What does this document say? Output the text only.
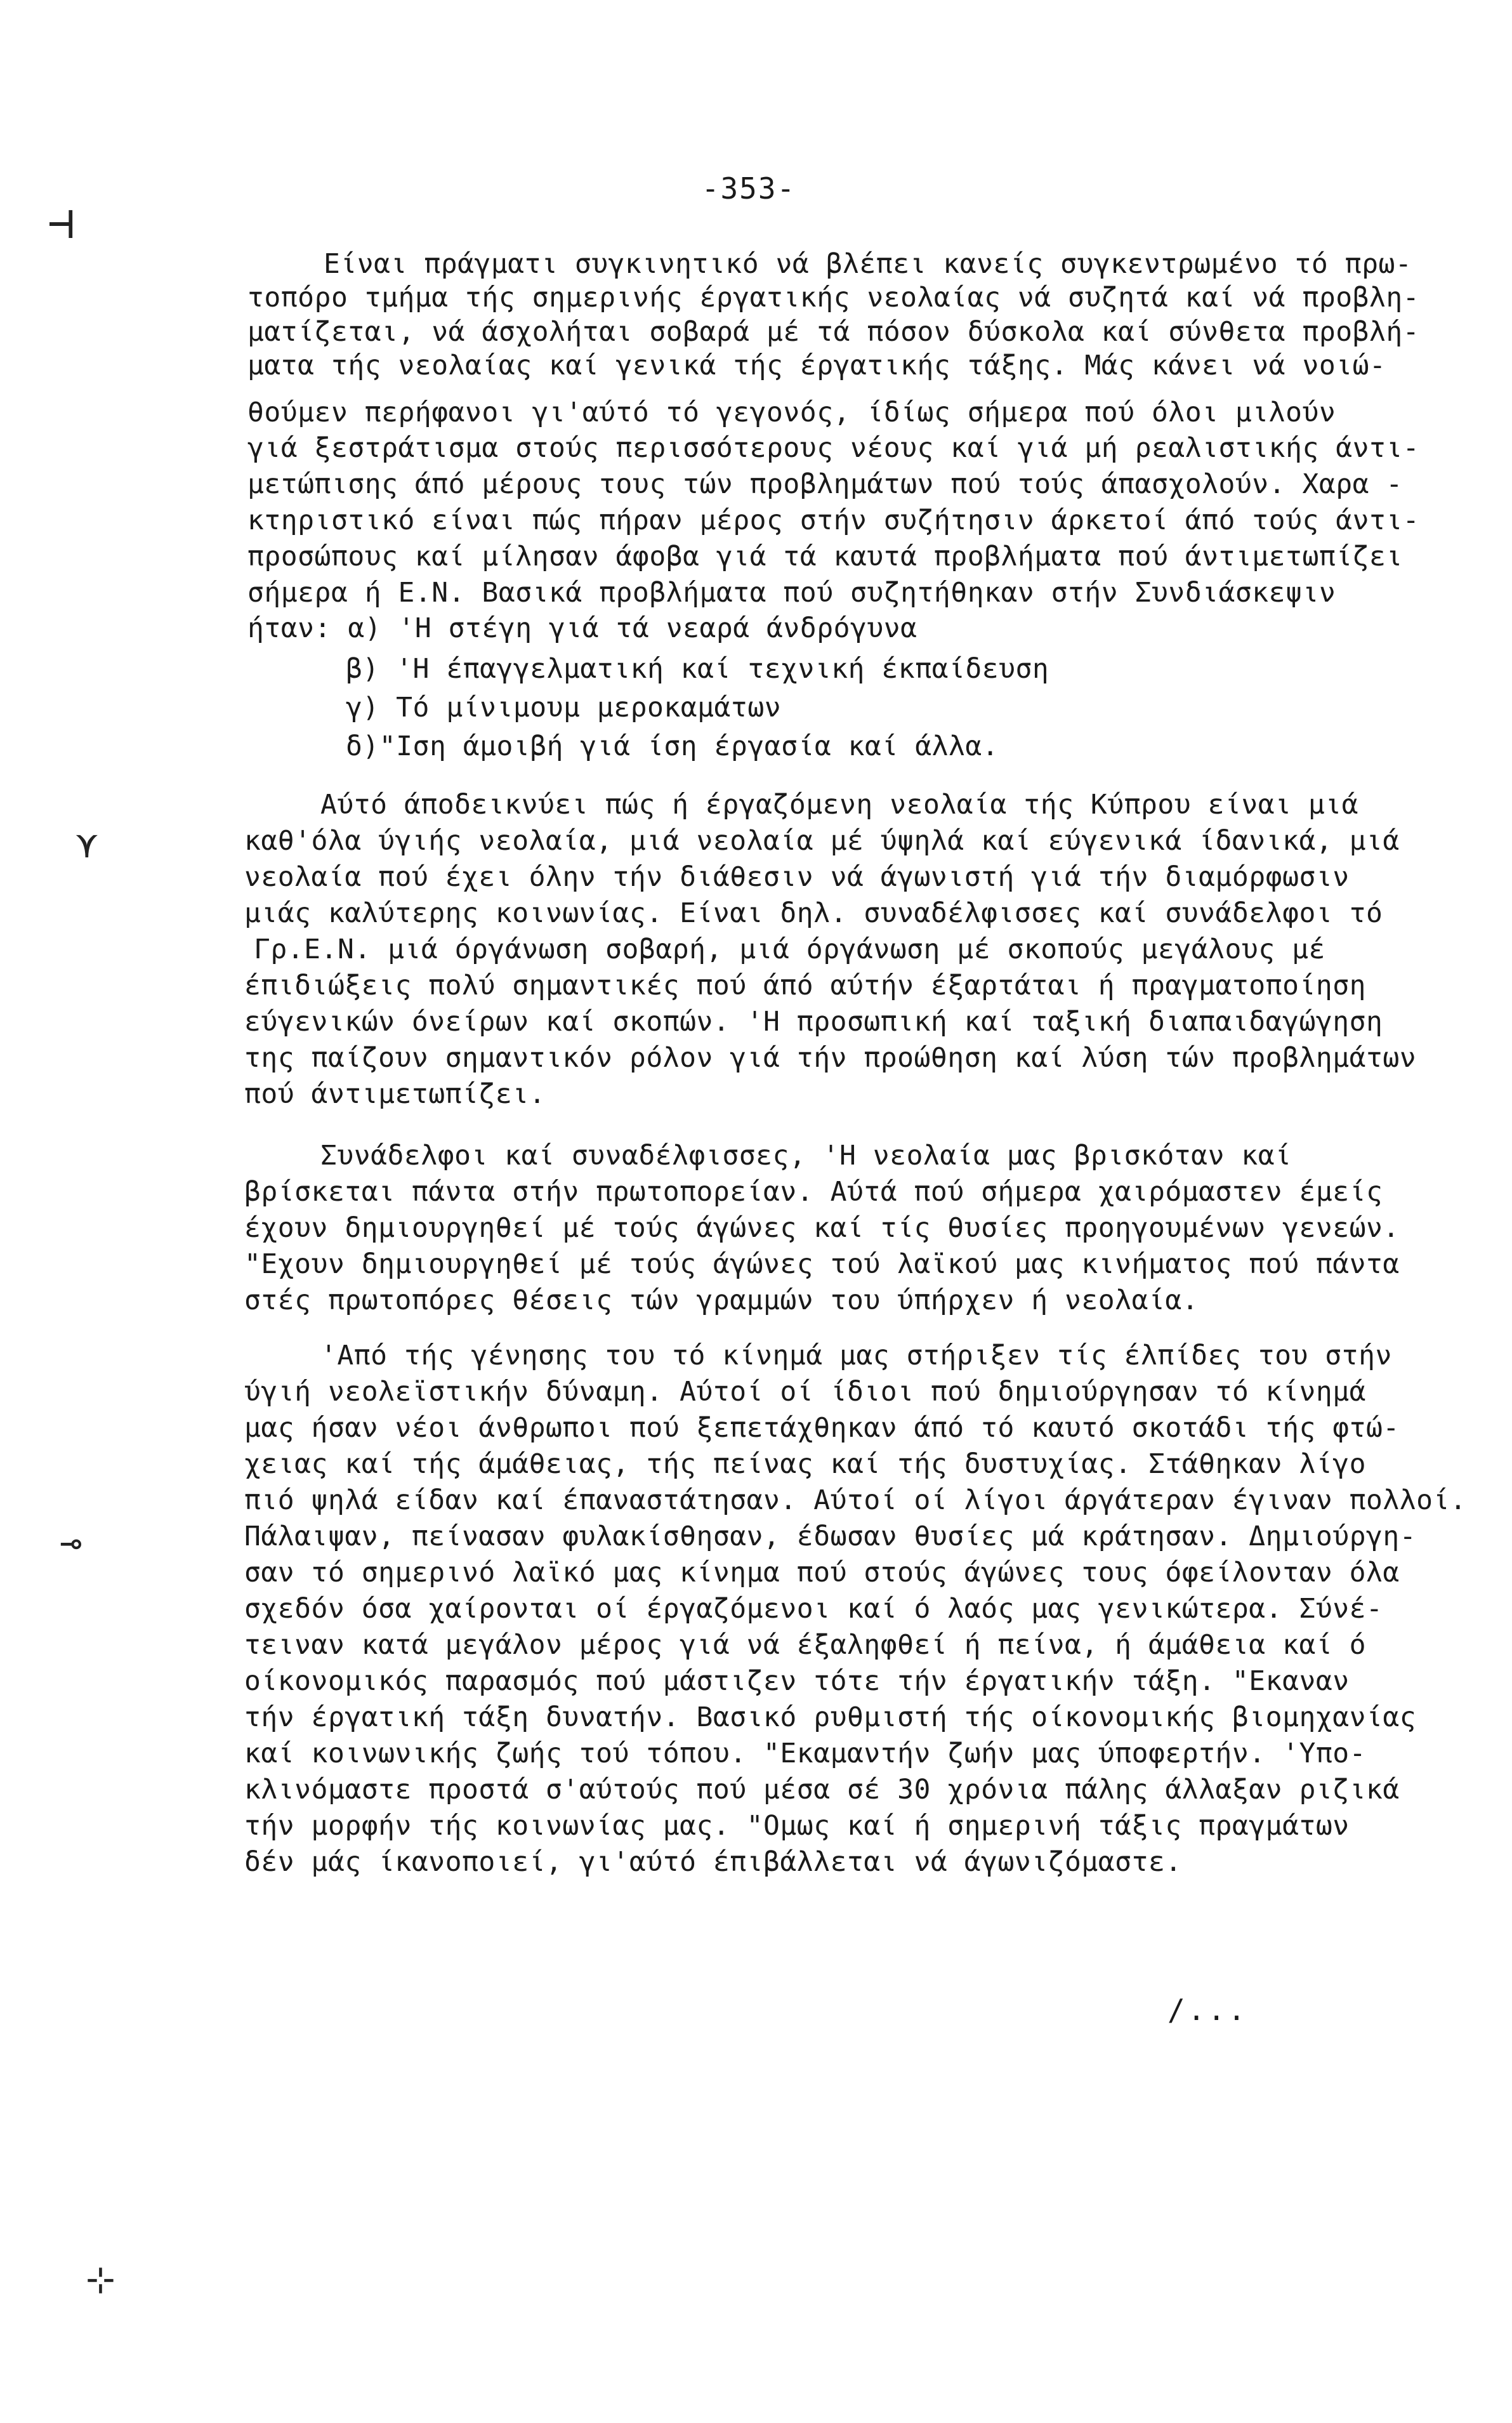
-353-
⊣
⋎
⊸
⊹
Είναι πράγματι συγκινητικό νά βλέπει κανείς συγκεντρωμένο τό πρω-
τοπόρο τμήμα τής σημερινής έργατικής νεολαίας νά συζητά καί νά προβλη-
ματίζεται, νά άσχολήται σοβαρά μέ τά πόσον δύσκολα καί σύνθετα προβλή-
ματα τής νεολαίας καί γενικά τής έργατικής τάξης. Μάς κάνει νά νοιώ-
θούμεν περήφανοι γι'αύτό τό γεγονός, ίδίως σήμερα πού όλοι μιλούν
γιά ξεστράτισμα στούς περισσότερους νέους καί γιά μή ρεαλιστικής άντι-
μετώπισης άπό μέρους τους τών προβλημάτων πού τούς άπασχολούν. Χαρα -
κτηριστικό είναι πώς πήραν μέρος στήν συζήτησιν άρκετοί άπό τούς άντι-
προσώπους καί μίλησαν άφοβα γιά τά καυτά προβλήματα πού άντιμετωπίζει
σήμερα ή Ε.Ν. Βασικά προβλήματα πού συζητήθηκαν στήν Συνδιάσκεψιν
ήταν: α) 'Η στέγη γιά τά νεαρά άνδρόγυνα
β) 'Η έπαγγελματική καί τεχνική έκπαίδευση
γ) Τό μίνιμουμ μεροκαμάτων
δ)"Ιση άμοιβή γιά ίση έργασία καί άλλα.
Αύτό άποδεικνύει πώς ή έργαζόμενη νεολαία τής Κύπρου είναι μιά
καθ'όλα ύγιής νεολαία, μιά νεολαία μέ ύψηλά καί εύγενικά ίδανικά, μιά
νεολαία πού έχει όλην τήν διάθεσιν νά άγωνιστή γιά τήν διαμόρφωσιν
μιάς καλύτερης κοινωνίας. Είναι δηλ. συναδέλφισσες καί συνάδελφοι τό
Γρ.Ε.Ν. μιά όργάνωση σοβαρή, μιά όργάνωση μέ σκοπούς μεγάλους μέ
έπιδιώξεις πολύ σημαντικές πού άπό αύτήν έξαρτάται ή πραγματοποίηση
εύγενικών όνείρων καί σκοπών. 'Η προσωπική καί ταξική διαπαιδαγώγηση
της παίζουν σημαντικόν ρόλον γιά τήν προώθηση καί λύση τών προβλημάτων
πού άντιμετωπίζει.
Συνάδελφοι καί συναδέλφισσες, 'Η νεολαία μας βρισκόταν καί
βρίσκεται πάντα στήν πρωτοπορείαν. Αύτά πού σήμερα χαιρόμαστεν έμείς
έχουν δημιουργηθεί μέ τούς άγώνες καί τίς θυσίες προηγουμένων γενεών.
"Εχουν δημιουργηθεί μέ τούς άγώνες τού λαϊκού μας κινήματος πού πάντα
στές πρωτοπόρες θέσεις τών γραμμών του ύπήρχεν ή νεολαία.
'Από τής γένησης του τό κίνημά μας στήριξεν τίς έλπίδες του στήν
ύγιή νεολεϊστικήν δύναμη. Αύτοί οί ίδιοι πού δημιούργησαν τό κίνημά
μας ήσαν νέοι άνθρωποι πού ξεπετάχθηκαν άπό τό καυτό σκοτάδι τής φτώ-
χειας καί τής άμάθειας, τής πείνας καί τής δυστυχίας. Στάθηκαν λίγο
πιό ψηλά είδαν καί έπαναστάτησαν. Αύτοί οί λίγοι άργάτεραν έγιναν πολλοί.
Πάλαιψαν, πείνασαν φυλακίσθησαν, έδωσαν θυσίες μά κράτησαν. Δημιούργη-
σαν τό σημερινό λαϊκό μας κίνημα πού στούς άγώνες τους όφείλονταν όλα
σχεδόν όσα χαίρονται οί έργαζόμενοι καί ό λαός μας γενικώτερα. Σύνέ-
τειναν κατά μεγάλον μέρος γιά νά έξαληφθεί ή πείνα, ή άμάθεια καί ό
οίκονομικός παρασμός πού μάστιζεν τότε τήν έργατικήν τάξη. "Εκαναν
τήν έργατική τάξη δυνατήν. Βασικό ρυθμιστή τής οίκονομικής βιομηχανίας
καί κοινωνικής ζωής τού τόπου. "Εκαμαντήν ζωήν μας ύποφερτήν. 'Υπο-
κλινόμαστε προστά σ'αύτούς πού μέσα σέ 30 χρόνια πάλης άλλαξαν ριζικά
τήν μορφήν τής κοινωνίας μας. "Ομως καί ή σημερινή τάξις πραγμάτων
δέν μάς ίκανοποιεί, γι'αύτό έπιβάλλεται νά άγωνιζόμαστε.
/...
